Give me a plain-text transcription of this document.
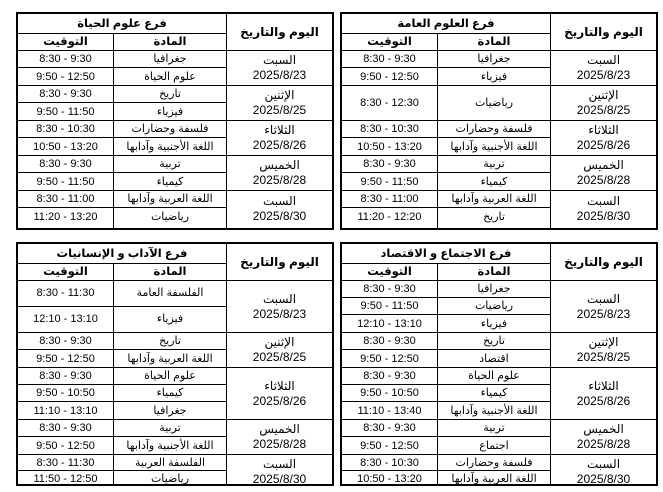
فرع العلوم العامة
التوقيت	المادة
اليوم والتاريخ
السبت
2025/8/23
8:30 - 9:30	جغرافيا
9:50 - 12:50	فيزياء
الإثنين
2025/8/25
8:30 - 12:30	رياضيات
الثلاثاء
2025/8/26
8:30 - 10:30	فلسفة وحضارات
10:50 - 13:20	اللغة الأجنبية وآدابها
الخميس
2025/8/28
8:30 - 9:30	تربية
9:50 - 11:50	كيمياء
السبت
2025/8/30
8:30 - 11:00	اللغة العربية وآدابها
11:20 - 12:20	تاريخ
فرع علوم الحياة
التوقيت	المادة
اليوم والتاريخ
السبت
2025/8/23
8:30 - 9:30	جغرافيا
9:50 - 12:50	علوم الحياة
الإثنين
2025/8/25
8:30 - 9:30	تاريخ
9:50 - 11:50	فيزياء
الثلاثاء
2025/8/26
8:30 - 10:30	فلسفة وحضارات
10:50 - 13:20	اللغة الأجنبية وآدابها
الخميس
2025/8/28
8:30 - 9:30	تربية
9:50 - 11:50	كيمياء
السبت
2025/8/30
8:30 - 11:00	اللغة العربية وآدابها
11:20 - 13:20	رياضيات
فرع الاجتماع و الاقتصاد
التوقيت	المادة
اليوم والتاريخ
السبت
2025/8/23
8:30 - 9:30	جغرافيا
9:50 - 11:50	رياضيات
12:10 - 13:10	فيزياء
الإثنين
2025/8/25
8:30 - 9:30	تاريخ
9:50 - 12:50	اقتصاد
الثلاثاء
2025/8/26
8:30 - 9:30	علوم الحياة
9:50 - 10:50	كيمياء
11:10 - 13:40	اللغة الأجنبية وآدابها
الخميس
2025/8/28
8:30 - 9:30	تربية
9:50 - 12:50	اجتماع
السبت
2025/8/30
8:30 - 10:30	فلسفة وحضارات
10:50 - 13:20	اللغة العربية وآدابها
فرع الآداب و الإنسانيات
التوقيت	المادة
اليوم والتاريخ
السبت
2025/8/23
8:30 - 11:30	الفلسفة العامة
12:10 - 13:10	فيزياء
الإثنين
2025/8/25
8:30 - 9:30	تاريخ
9:50 - 12:50	اللغة العربية وآدابها
الثلاثاء
2025/8/26
8:30 - 9:30	علوم الحياة
9:50 - 10:50	كيمياء
11:10 - 13:10	جغرافيا
الخميس
2025/8/28
8:30 - 9:30	تربية
9:50 - 12:50	اللغة الأجنبية وآدابها
السبت
2025/8/30
8:30 - 11:30	الفلسفة العربية
11:50 - 12:50	رياضيات
